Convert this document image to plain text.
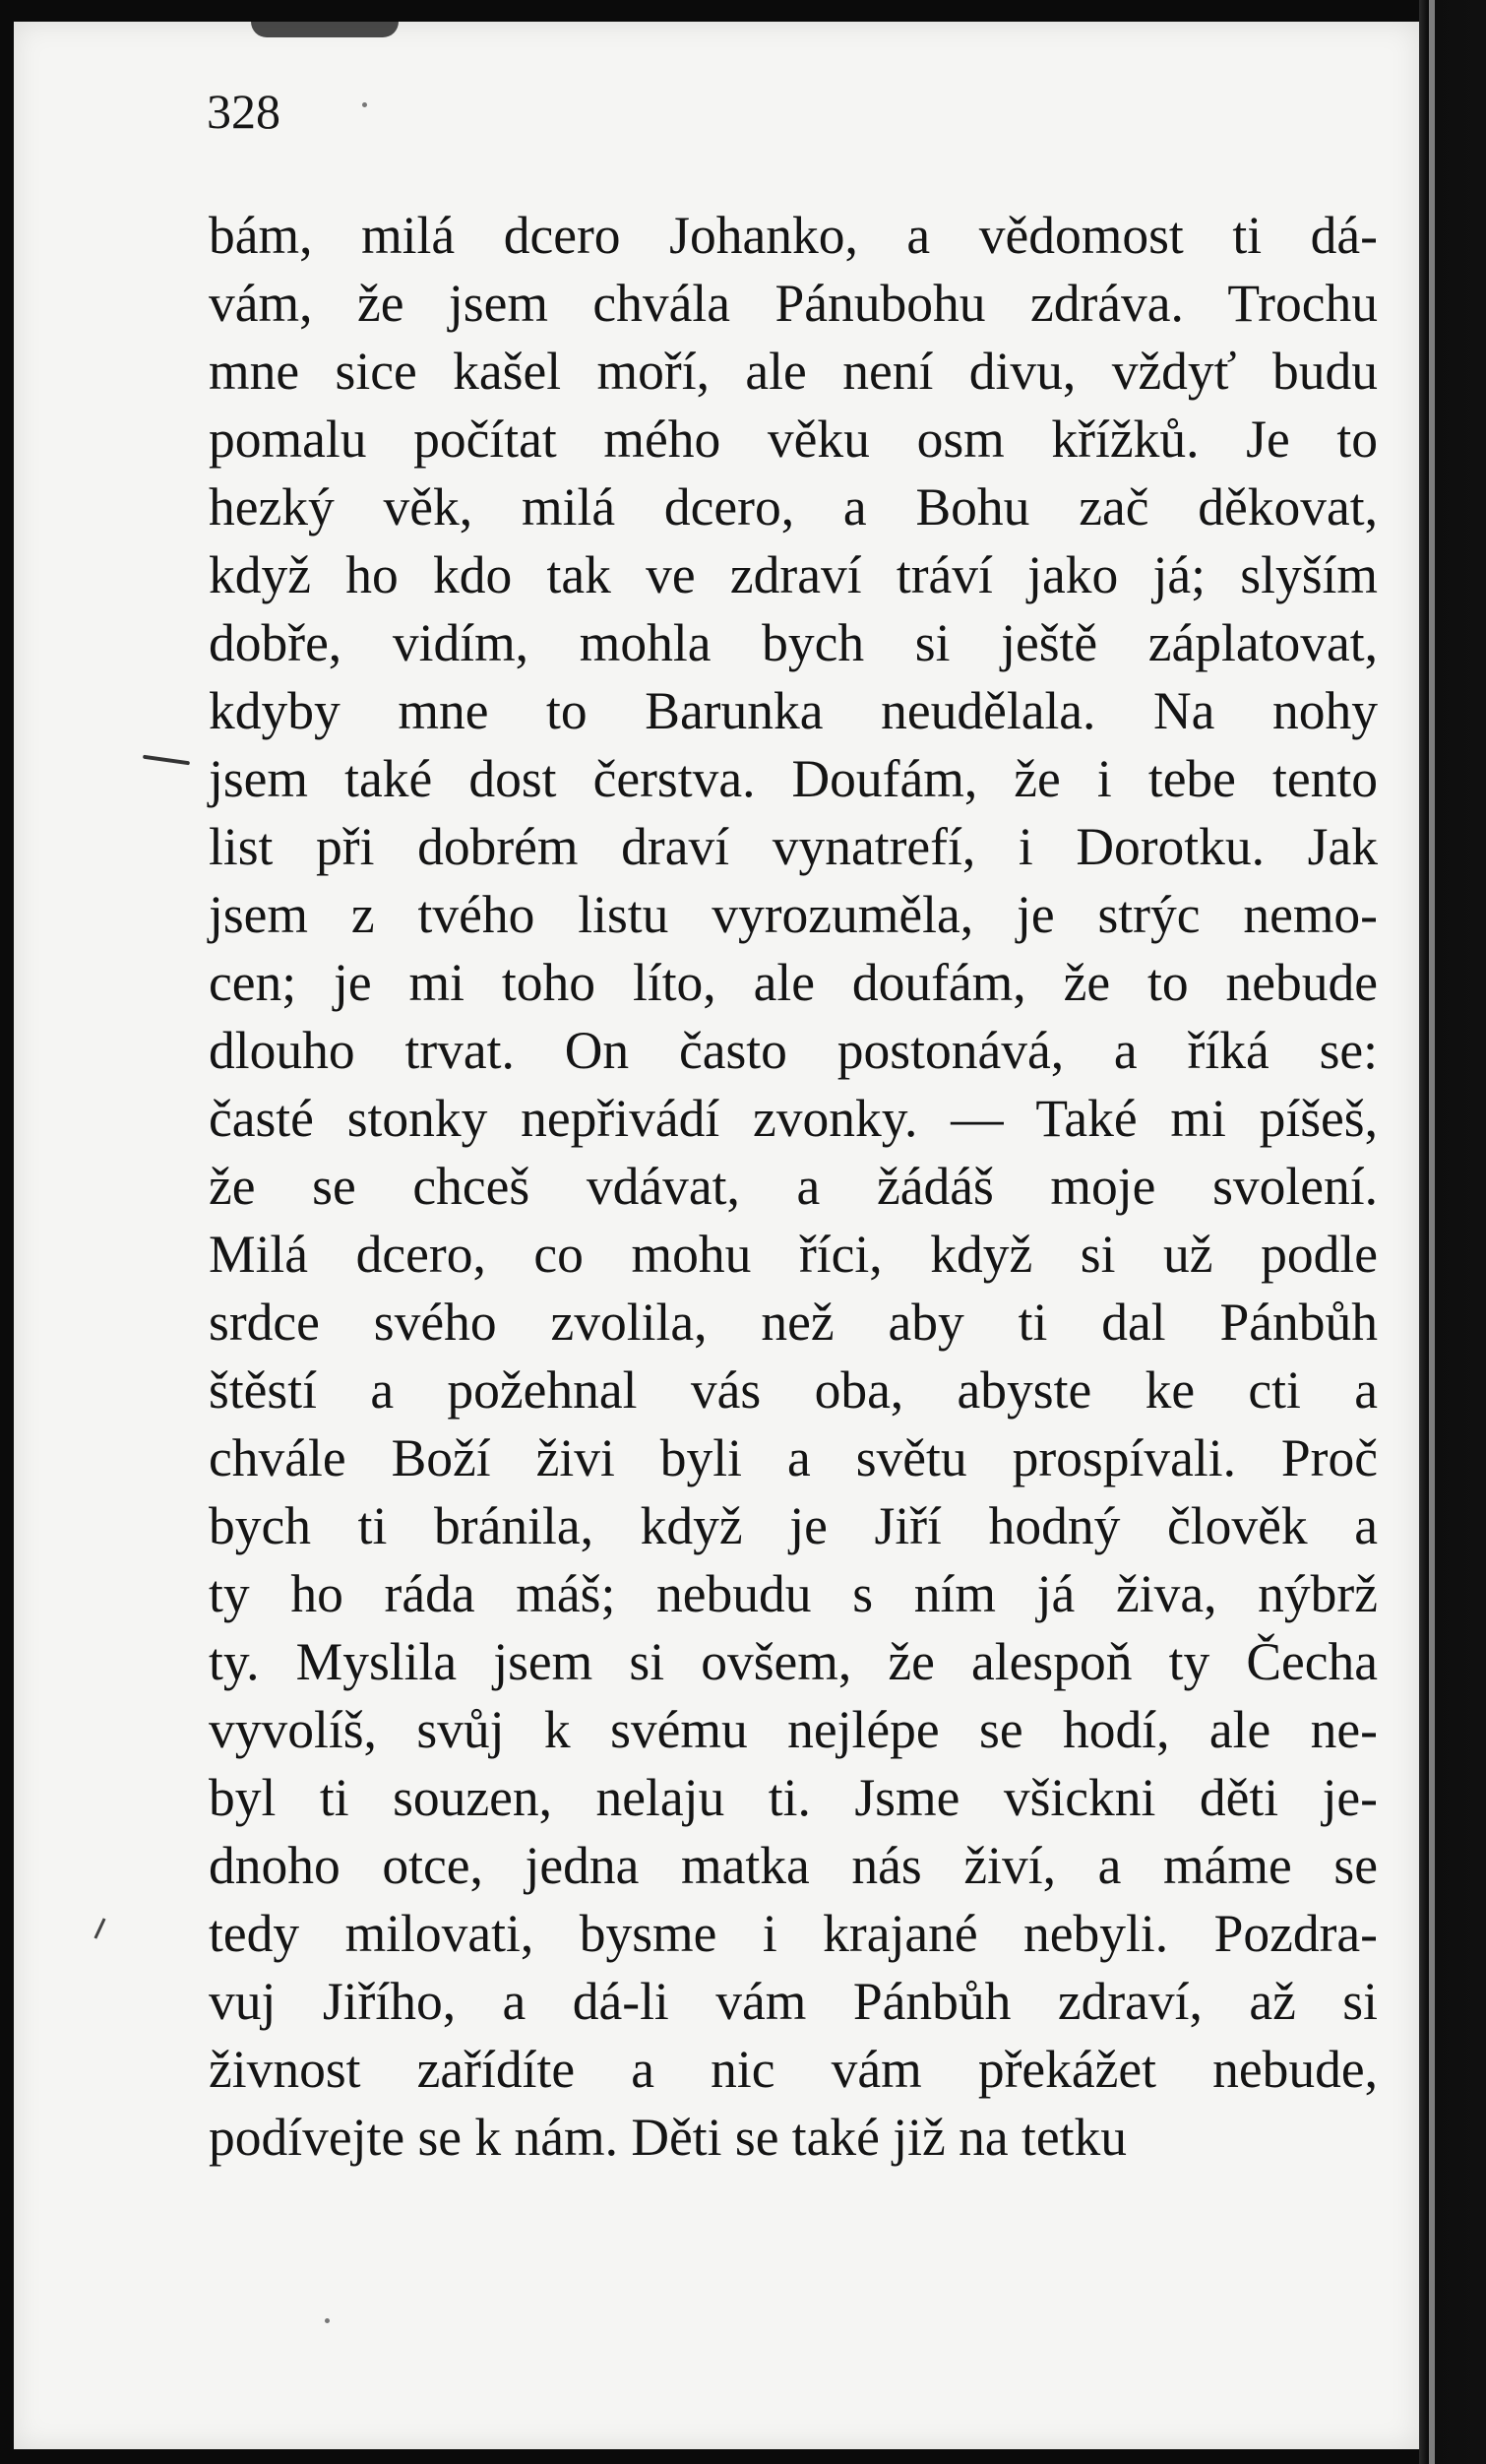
328
bám, milá dcero Johanko, a vědomost ti dá-
vám, že jsem chvála Pánubohu zdráva. Trochu
mne sice kašel moří, ale není divu, vždyť budu
pomalu počítat mého věku osm křížků. Je to
hezký věk, milá dcero, a Bohu zač děkovat,
když ho kdo tak ve zdraví tráví jako já; slyším
dobře, vidím, mohla bych si ještě záplatovat,
kdyby mne to Barunka neudělala. Na nohy
jsem také dost čerstva. Doufám, že i tebe tento
list při dobrém draví vynatrefí, i Dorotku. Jak
jsem z tvého listu vyrozuměla, je strýc nemo-
cen; je mi toho líto, ale doufám, že to nebude
dlouho trvat. On často postonává, a říká se:
časté stonky nepřivádí zvonky. — Také mi píšeš,
že se chceš vdávat, a žádáš moje svolení.
Milá dcero, co mohu říci, když si už podle
srdce svého zvolila, než aby ti dal Pánbůh
štěstí a požehnal vás oba, abyste ke cti a
chvále Boží živi byli a světu prospívali. Proč
bych ti bránila, když je Jiří hodný člověk a
ty ho ráda máš; nebudu s ním já živa, nýbrž
ty. Myslila jsem si ovšem, že alespoň ty Čecha
vyvolíš, svůj k svému nejlépe se hodí, ale ne-
byl ti souzen, nelaju ti. Jsme všickni děti je-
dnoho otce, jedna matka nás živí, a máme se
tedy milovati, bysme i krajané nebyli. Pozdra-
vuj Jiřího, a dá-li vám Pánbůh zdraví, až si
živnost zařídíte a nic vám překážet nebude,
podívejte se k nám. Děti se také již na tetku
